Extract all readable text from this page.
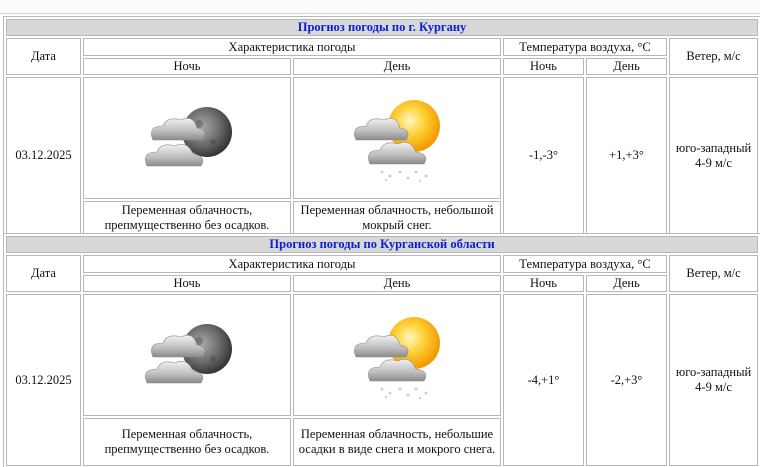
Прогноз погоды по г. Кургану					
Дата	Характеристика погоды		Температура воздуха, °С		Ветер, м/с
	Ночь	День	Ночь	День	
03.12.2025			-1,-3°	+1,+3°	юго-западный 4-9 м/с
	Переменная облачность, препмущественно без осадков.	Переменная облачность, небольшой мокрый снег.			
Прогноз погоды по Курганской области					
Дата	Характеристика погоды		Температура воздуха, °С		Ветер, м/с
	Ночь	День	Ночь	День	
03.12.2025			-4,+1°	-2,+3°	юго-западный 4-9 м/с
	Переменная облачность, препмущественно без осадков.	Переменная облачность, небольшие осадки в виде снега и мокрого снега.			
